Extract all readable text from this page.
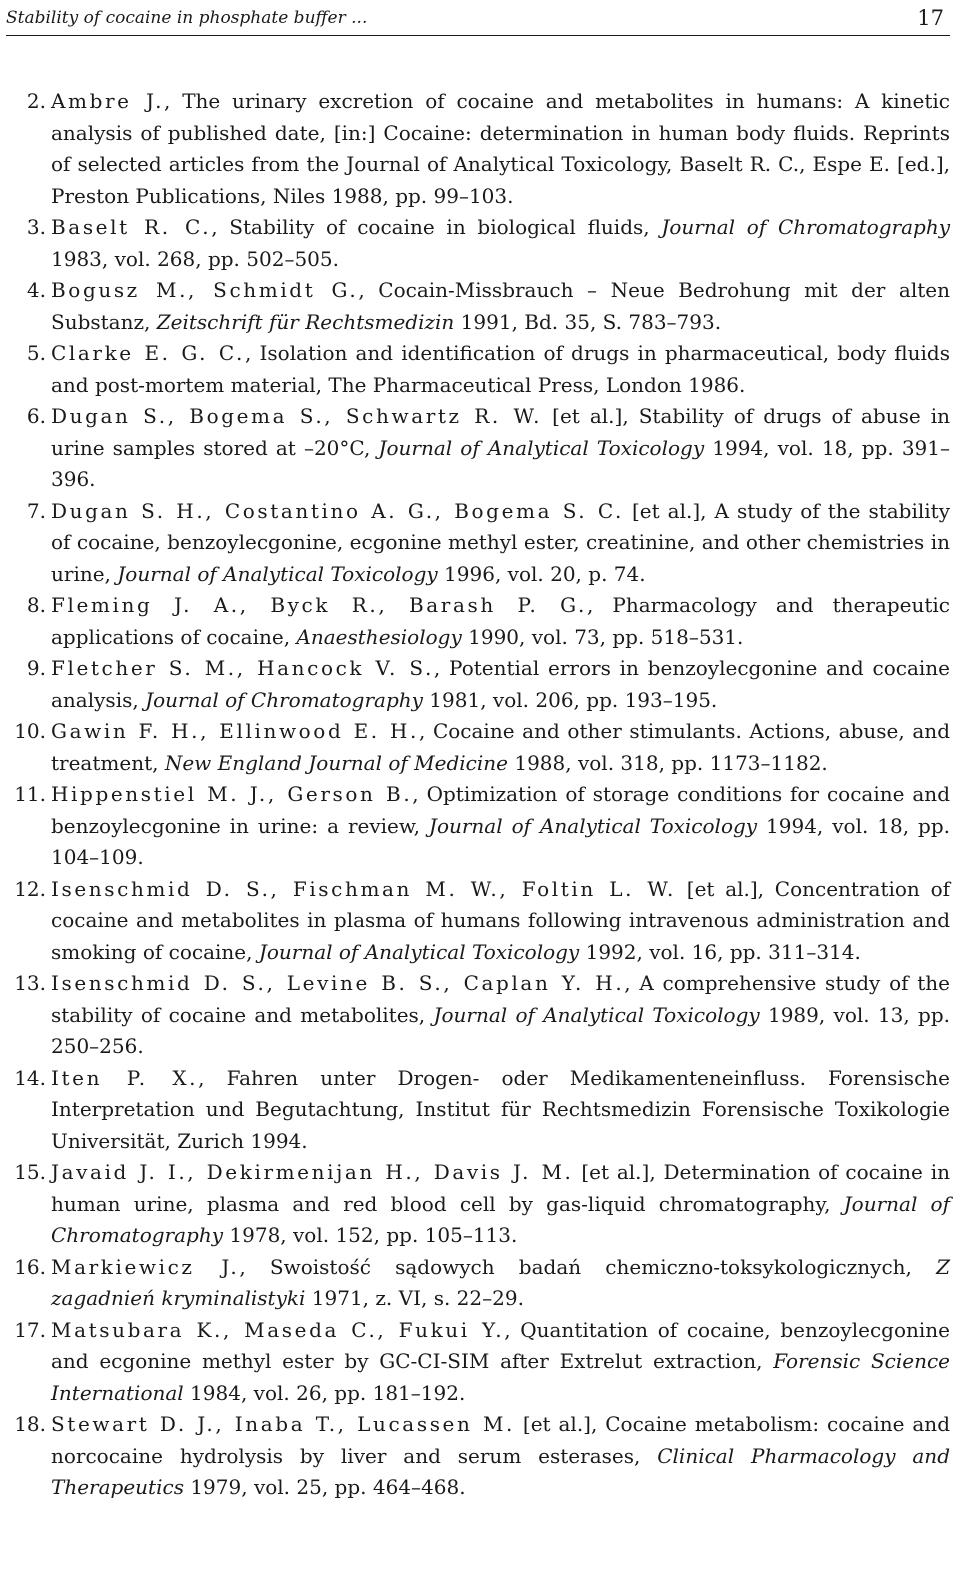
Stability of cocaine in phosphate buffer ...	17
2. Ambre J., The urinary excretion of cocaine and metabolites in humans: A kinetic analysis of published date, [in:] Cocaine: determination in human body fluids. Reprints of selected articles from the Journal of Analytical Toxicology, Baselt R. C., Espe E. [ed.], Preston Publications, Niles 1988, pp. 99–103.
3. Baselt R. C., Stability of cocaine in biological fluids, Journal of Chromatography 1983, vol. 268, pp. 502–505.
4. Bogusz M., Schmidt G., Cocain-Missbrauch – Neue Bedrohung mit der alten Substanz, Zeitschrift für Rechtsmedizin 1991, Bd. 35, S. 783–793.
5. Clarke E. G. C., Isolation and identification of drugs in pharmaceutical, body fluids and post-mortem material, The Pharmaceutical Press, London 1986.
6. Dugan S., Bogema S., Schwartz R. W. [et al.], Stability of drugs of abuse in urine samples stored at –20°C, Journal of Analytical Toxicology 1994, vol. 18, pp. 391–396.
7. Dugan S. H., Costantino A. G., Bogema S. C. [et al.], A study of the stability of cocaine, benzoylecgonine, ecgonine methyl ester, creatinine, and other chemistries in urine, Journal of Analytical Toxicology 1996, vol. 20, p. 74.
8. Fleming J. A., Byck R., Barash P. G., Pharmacology and therapeutic applications of cocaine, Anaesthesiology 1990, vol. 73, pp. 518–531.
9. Fletcher S. M., Hancock V. S., Potential errors in benzoylecgonine and cocaine analysis, Journal of Chromatography 1981, vol. 206, pp. 193–195.
10. Gawin F. H., Ellinwood E. H., Cocaine and other stimulants. Actions, abuse, and treatment, New England Journal of Medicine 1988, vol. 318, pp. 1173–1182.
11. Hippenstiel M. J., Gerson B., Optimization of storage conditions for cocaine and benzoylecgonine in urine: a review, Journal of Analytical Toxicology 1994, vol. 18, pp. 104–109.
12. Isenschmid D. S., Fischman M. W., Foltin L. W. [et al.], Concentration of cocaine and metabolites in plasma of humans following intravenous administration and smoking of cocaine, Journal of Analytical Toxicology 1992, vol. 16, pp. 311–314.
13. Isenschmid D. S., Levine B. S., Caplan Y. H., A comprehensive study of the stability of cocaine and metabolites, Journal of Analytical Toxicology 1989, vol. 13, pp. 250–256.
14. Iten P. X., Fahren unter Drogen- oder Medikamenteneinfluss. Forensische Interpretation und Begutachtung, Institut für Rechtsmedizin Forensische Toxikologie Universität, Zurich 1994.
15. Javaid J. I., Dekirmenijan H., Davis J. M. [et al.], Determination of cocaine in human urine, plasma and red blood cell by gas-liquid chromatography, Journal of Chromatography 1978, vol. 152, pp. 105–113.
16. Markiewicz J., Swoistość sądowych badań chemiczno-toksykologicznych, Z zagadnień kryminalistyki 1971, z. VI, s. 22–29.
17. Matsubara K., Maseda C., Fukui Y., Quantitation of cocaine, benzoylecgonine and ecgonine methyl ester by GC-CI-SIM after Extrelut extraction, Forensic Science International 1984, vol. 26, pp. 181–192.
18. Stewart D. J., Inaba T., Lucassen M. [et al.], Cocaine metabolism: cocaine and norcocaine hydrolysis by liver and serum esterases, Clinical Pharmacology and Therapeutics 1979, vol. 25, pp. 464–468.
